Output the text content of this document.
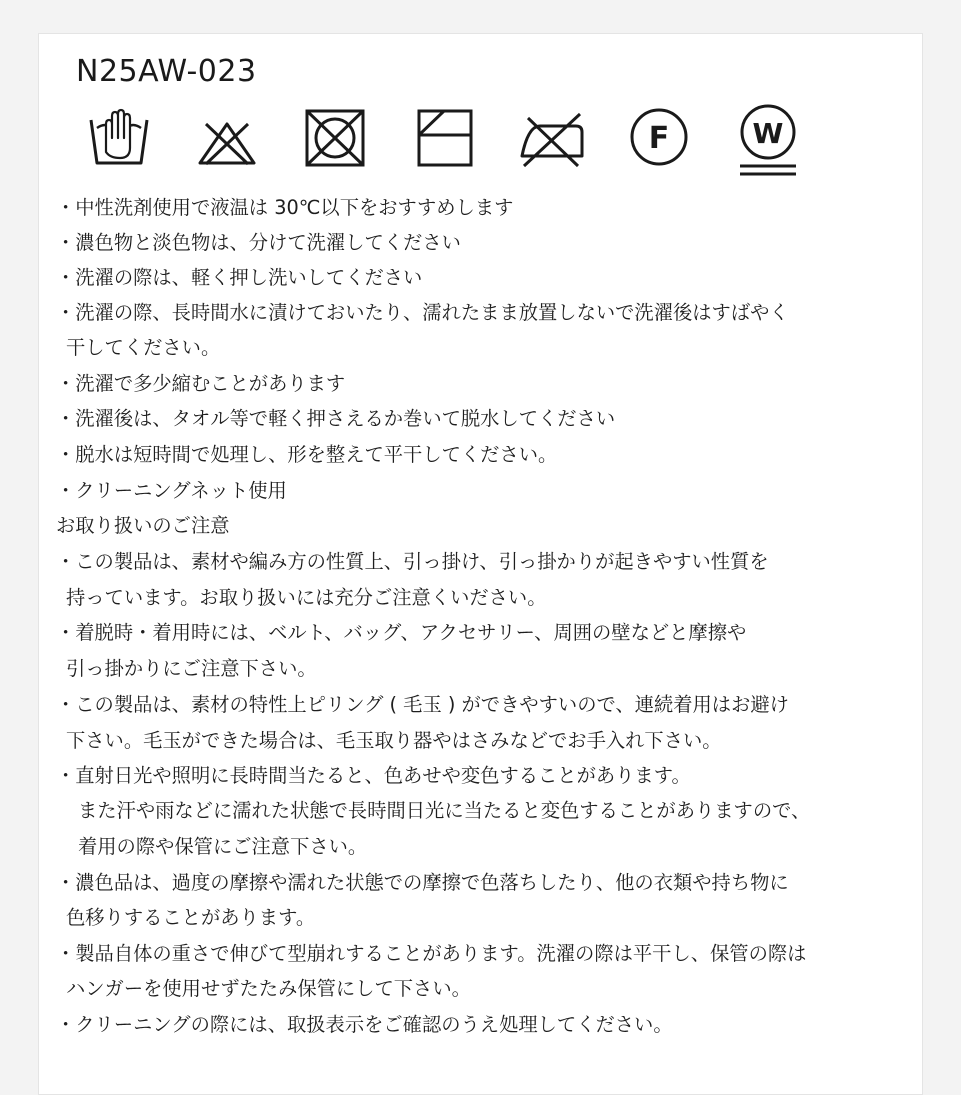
N25AW-023
F	W
・中性洗剤使用で液温は 30℃以下をおすすめします
・濃色物と淡色物は、分けて洗濯してください
・洗濯の際は、軽く押し洗いしてください
・洗濯の際、長時間水に漬けておいたり、濡れたまま放置しないで洗濯後はすばやく
干してください。
・洗濯で多少縮むことがあります
・洗濯後は、タオル等で軽く押さえるか巻いて脱水してください
・脱水は短時間で処理し、形を整えて平干してください。
・クリーニングネット使用
お取り扱いのご注意
・この製品は、素材や編み方の性質上、引っ掛け、引っ掛かりが起きやすい性質を
持っています。お取り扱いには充分ご注意くいださい。
・着脱時・着用時には、ベルト、バッグ、アクセサリー、周囲の壁などと摩擦や
引っ掛かりにご注意下さい。
・この製品は、素材の特性上ピリング ( 毛玉 ) ができやすいので、連続着用はお避け
下さい。毛玉ができた場合は、毛玉取り器やはさみなどでお手入れ下さい。
・直射日光や照明に長時間当たると、色あせや変色することがあります。
また汗や雨などに濡れた状態で長時間日光に当たると変色することがありますので、
着用の際や保管にご注意下さい。
・濃色品は、過度の摩擦や濡れた状態での摩擦で色落ちしたり、他の衣類や持ち物に
色移りすることがあります。
・製品自体の重さで伸びて型崩れすることがあります。洗濯の際は平干し、保管の際は
ハンガーを使用せずたたみ保管にして下さい。
・クリーニングの際には、取扱表示をご確認のうえ処理してください。
